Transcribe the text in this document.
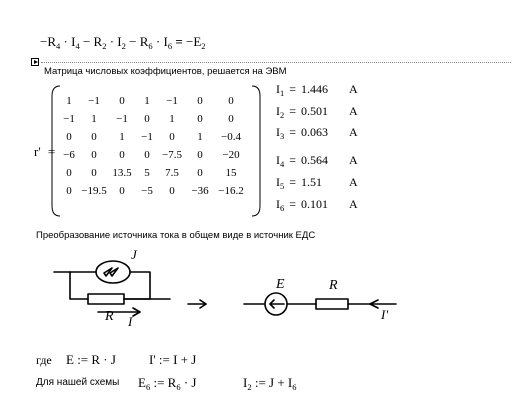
$-R_4 \cdot I_4 - R_2 \cdot I_2 - R_6 \cdot I_6 = -E_2$
Матрица числовых коэффициентов, решается на ЭВМ
r' =
1	−1	0	1	−1	0	0
−1	1	−1	0	1	0	0
0	0	1	−1	0	1	−0.4
−6	0	0	0	−7.5	0	−20
0	0	13.5	5	7.5	0	15
0	−19.5	0	−5	0	−36	−16.2
$I_1 = 1.446$ A
$I_2 = 0.501$ A
$I_3 = 0.063$ A
$I_4 = 0.564$ A
$I_5 = 1.51$ A
$I_6 = 0.101$ A
Преобразование источника тока в общем виде в источник ЕДС
J
R I
E	R
I'
где E := R · J	I' := I + J
Для нашей схемы $E_6$ := $R_6 \cdot J$	$I_2$ := $J + I_6$
